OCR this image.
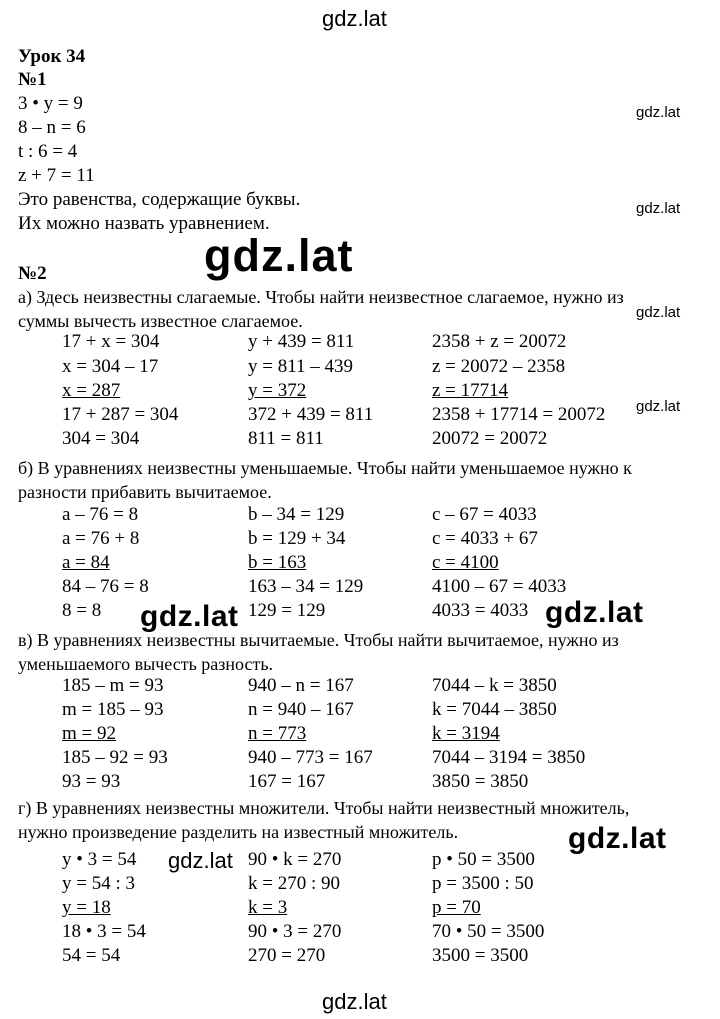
gdz.lat
gdz.lat
gdz.lat
gdz.lat
gdz.lat
gdz.lat
gdz.lat	gdz.lat
gdz.lat
gdz.lat
gdz.lat
Урок 34
№1
3 • y = 9
8 – n = 6
t : 6 = 4
z + 7 = 11
Это равенства, содержащие буквы.
Их можно назвать уравнением.
№2
а) Здесь неизвестны слагаемые. Чтобы найти неизвестное слагаемое, нужно из
суммы вычесть известное слагаемое.
17 + x = 304
x = 304 – 17
x = 287
17 + 287 = 304
304 = 304
y + 439 = 811
y = 811 – 439
y = 372
372 + 439 = 811
811 = 811
2358 + z = 20072
z = 20072 – 2358
z = 17714
2358 + 17714 = 20072
20072 = 20072
б) В уравнениях неизвестны уменьшаемые. Чтобы найти уменьшаемое нужно к
разности прибавить вычитаемое.
a – 76 = 8
a = 76 + 8
a = 84
84 – 76 = 8
8 = 8
b – 34 = 129
b = 129 + 34
b = 163
163 – 34 = 129
129 = 129
c – 67 = 4033
c = 4033 + 67
c = 4100
4100 – 67 = 4033
4033 = 4033
в) В уравнениях неизвестны вычитаемые. Чтобы найти вычитаемое, нужно из
уменьшаемого вычесть разность.
185 – m = 93
m = 185 – 93
m = 92
185 – 92 = 93
93 = 93
940 – n = 167
n = 940 – 167
n = 773
940 – 773 = 167
167 = 167
7044 – k = 3850
k = 7044 – 3850
k = 3194
7044 – 3194 = 3850
3850 = 3850
г) В уравнениях неизвестны множители. Чтобы найти неизвестный множитель,
нужно произведение разделить на известный множитель.
y • 3 = 54
y = 54 : 3
y = 18
18 • 3 = 54
54 = 54
90 • k = 270
k = 270 : 90
k = 3
90 • 3 = 270
270 = 270
p • 50 = 3500
p = 3500 : 50
p = 70
70 • 50 = 3500
3500 = 3500
